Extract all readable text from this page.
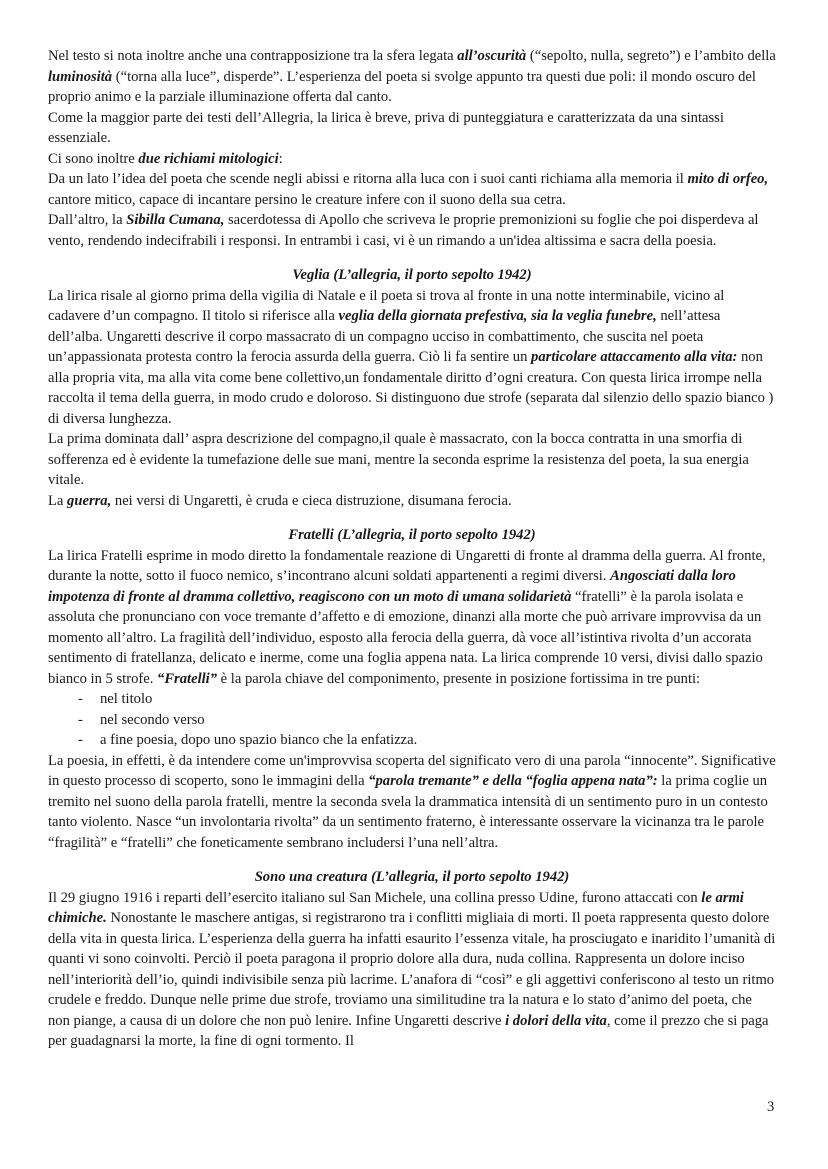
Nel testo si nota inoltre anche una contrapposizione tra la sfera legata all’oscurità (“sepolto, nulla, segreto”) e l’ambito della luminosità (“torna alla luce”, disperde”. L’esperienza del poeta si svolge appunto tra questi due poli: il mondo oscuro del proprio animo e la parziale illuminazione offerta dal canto.

Come la maggior parte dei testi dell’Allegria, la lirica è breve, priva di punteggiatura e caratterizzata da una sintassi essenziale.

Ci sono inoltre due richiami mitologici:

Da un lato l’idea del poeta che scende negli abissi e ritorna alla luca con i suoi canti richiama alla memoria il mito di orfeo, cantore mitico, capace di incantare persino le creature infere con il suono della sua cetra.

Dall’altro, la Sibilla Cumana, sacerdotessa di Apollo che scriveva le proprie premonizioni su foglie che poi disperdeva al vento, rendendo indecifrabili i responsi. In entrambi i casi, vi è un rimando a un'idea altissima e sacra della poesia.

Veglia (L’allegria, il porto sepolto 1942)

La lirica risale al giorno prima della vigilia di Natale e il poeta si trova al fronte in una notte interminabile, vicino al cadavere d’un compagno. Il titolo si riferisce alla veglia della giornata prefestiva, sia la veglia funebre, nell’attesa dell’alba. Ungaretti descrive il corpo massacrato di un compagno ucciso in combattimento, che suscita nel poeta un’appassionata protesta contro la ferocia assurda della guerra. Ciò li fa sentire un particolare attaccamento alla vita: non alla propria vita, ma alla vita come bene collettivo,un fondamentale diritto d’ogni creatura. Con questa lirica irrompe nella raccolta il tema della guerra, in modo crudo e doloroso. Si distinguono due strofe (separata dal silenzio dello spazio bianco ) di diversa lunghezza.

La prima dominata dall’ aspra descrizione del compagno,il quale è massacrato, con la bocca contratta in una smorfia di sofferenza ed è evidente la tumefazione delle sue mani, mentre la seconda esprime la resistenza del poeta, la sua energia vitale.

La guerra, nei versi di Ungaretti, è cruda e cieca distruzione, disumana ferocia.

Fratelli (L’allegria, il porto sepolto 1942)

La lirica Fratelli esprime in modo diretto la fondamentale reazione di Ungaretti di fronte al dramma della guerra. Al fronte, durante la notte, sotto il fuoco nemico, s’incontrano alcuni soldati appartenenti a regimi diversi. Angosciati dalla loro impotenza di fronte al dramma collettivo, reagiscono con un moto di umana solidarietà “fratelli” è la parola isolata e assoluta che pronunciano con voce tremante d’affetto e di emozione, dinanzi alla morte che può arrivare improvvisa da un momento all’altro. La fragilità dell’individuo, esposto alla ferocia della guerra, dà voce all’istintiva rivolta d’un accorata sentimento di fratellanza, delicato e inerme, come una foglia appena nata. La lirica comprende 10 versi, divisi dallo spazio bianco in 5 strofe. “Fratelli” è la parola chiave del componimento, presente in posizione fortissima in tre punti:

- nel titolo
- nel secondo verso
- a fine poesia, dopo uno spazio bianco che la enfatizza.

La poesia, in effetti, è da intendere come un'improvvisa scoperta del significato vero di una parola “innocente”. Significative in questo processo di scoperto, sono le immagini della “parola tremante” e della “foglia appena nata”: la prima coglie un tremito nel suono della parola fratelli, mentre la seconda svela la drammatica intensità di un sentimento puro in un contesto tanto violento. Nasce “un involontaria rivolta” da un sentimento fraterno, è interessante osservare la vicinanza tra le parole “fragilità” e “fratelli” che foneticamente sembrano includersi l’una nell’altra.

Sono una creatura (L’allegria, il porto sepolto 1942)

Il 29 giugno 1916 i reparti dell’esercito italiano sul San Michele, una collina presso Udine, furono attaccati con le armi chimiche. Nonostante le maschere antigas, si registrarono tra i conflitti migliaia di morti. Il poeta rappresenta questo dolore della vita in questa lirica. L’esperienza della guerra ha infatti esaurito l’essenza vitale, ha prosciugato e inaridito l’umanità di quanti vi sono coinvolti. Perciò il poeta paragona il proprio dolore alla dura, nuda collina. Rappresenta un dolore inciso nell’interiorità dell’io, quindi indivisibile senza più lacrime. L’anafora di “così” e gli aggettivi conferiscono al testo un ritmo crudele e freddo. Dunque nelle prime due strofe, troviamo una similitudine tra la natura e lo stato d’animo del poeta, che non piange, a causa di un dolore che non può lenire. Infine Ungaretti descrive i dolori della vita, come il prezzo che si paga per guadagnarsi la morte, la fine di ogni tormento. Il

3
